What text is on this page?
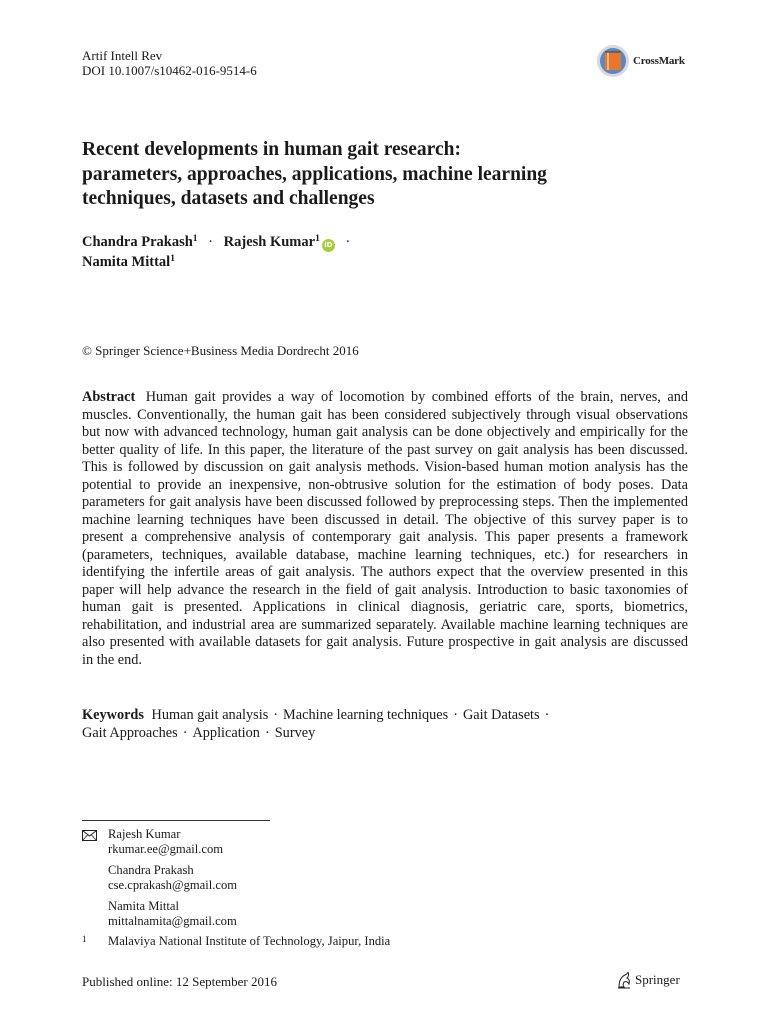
Artif Intell Rev
DOI 10.1007/s10462-016-9514-6
CrossMark
Recent developments in human gait research:
parameters, approaches, applications, machine learning
techniques, datasets and challenges
Chandra Prakash$^1$ · Rajesh Kumar$^1$iD ·
Namita Mittal$^1$
© Springer Science+Business Media Dordrecht 2016
Abstract Human gait provides a way of locomotion by combined efforts of the brain, nerves, and muscles. Conventionally, the human gait has been considered subjectively through visual observations but now with advanced technology, human gait analysis can be done objectively and empirically for the better quality of life. In this paper, the literature of the past survey on gait analysis has been discussed. This is followed by discussion on gait analysis methods. Vision-based human motion analysis has the potential to provide an inexpensive, non-obtrusive solution for the estimation of body poses. Data parameters for gait analysis have been discussed followed by preprocessing steps. Then the implemented machine learning techniques have been discussed in detail. The objective of this survey paper is to present a comprehensive analysis of contemporary gait analysis. This paper presents a framework (parameters, techniques, available database, machine learning techniques, etc.) for researchers in identifying the infertile areas of gait analysis. The authors expect that the overview presented in this paper will help advance the research in the field of gait analysis. Introduction to basic taxonomies of human gait is presented. Applications in clinical diagnosis, geriatric care, sports, biometrics, rehabilitation, and industrial area are summarized separately. Available machine learning techniques are also presented with available datasets for gait analysis. Future prospective in gait analysis are discussed in the end.
Keywords Human gait analysis · Machine learning techniques · Gait Datasets ·
Gait Approaches · Application · Survey
Rajesh Kumar
rkumar.ee@gmail.com
Chandra Prakash
cse.cprakash@gmail.com
Namita Mittal
mittalnamita@gmail.com
1 Malaviya National Institute of Technology, Jaipur, India
Published online: 12 September 2016	Springer
